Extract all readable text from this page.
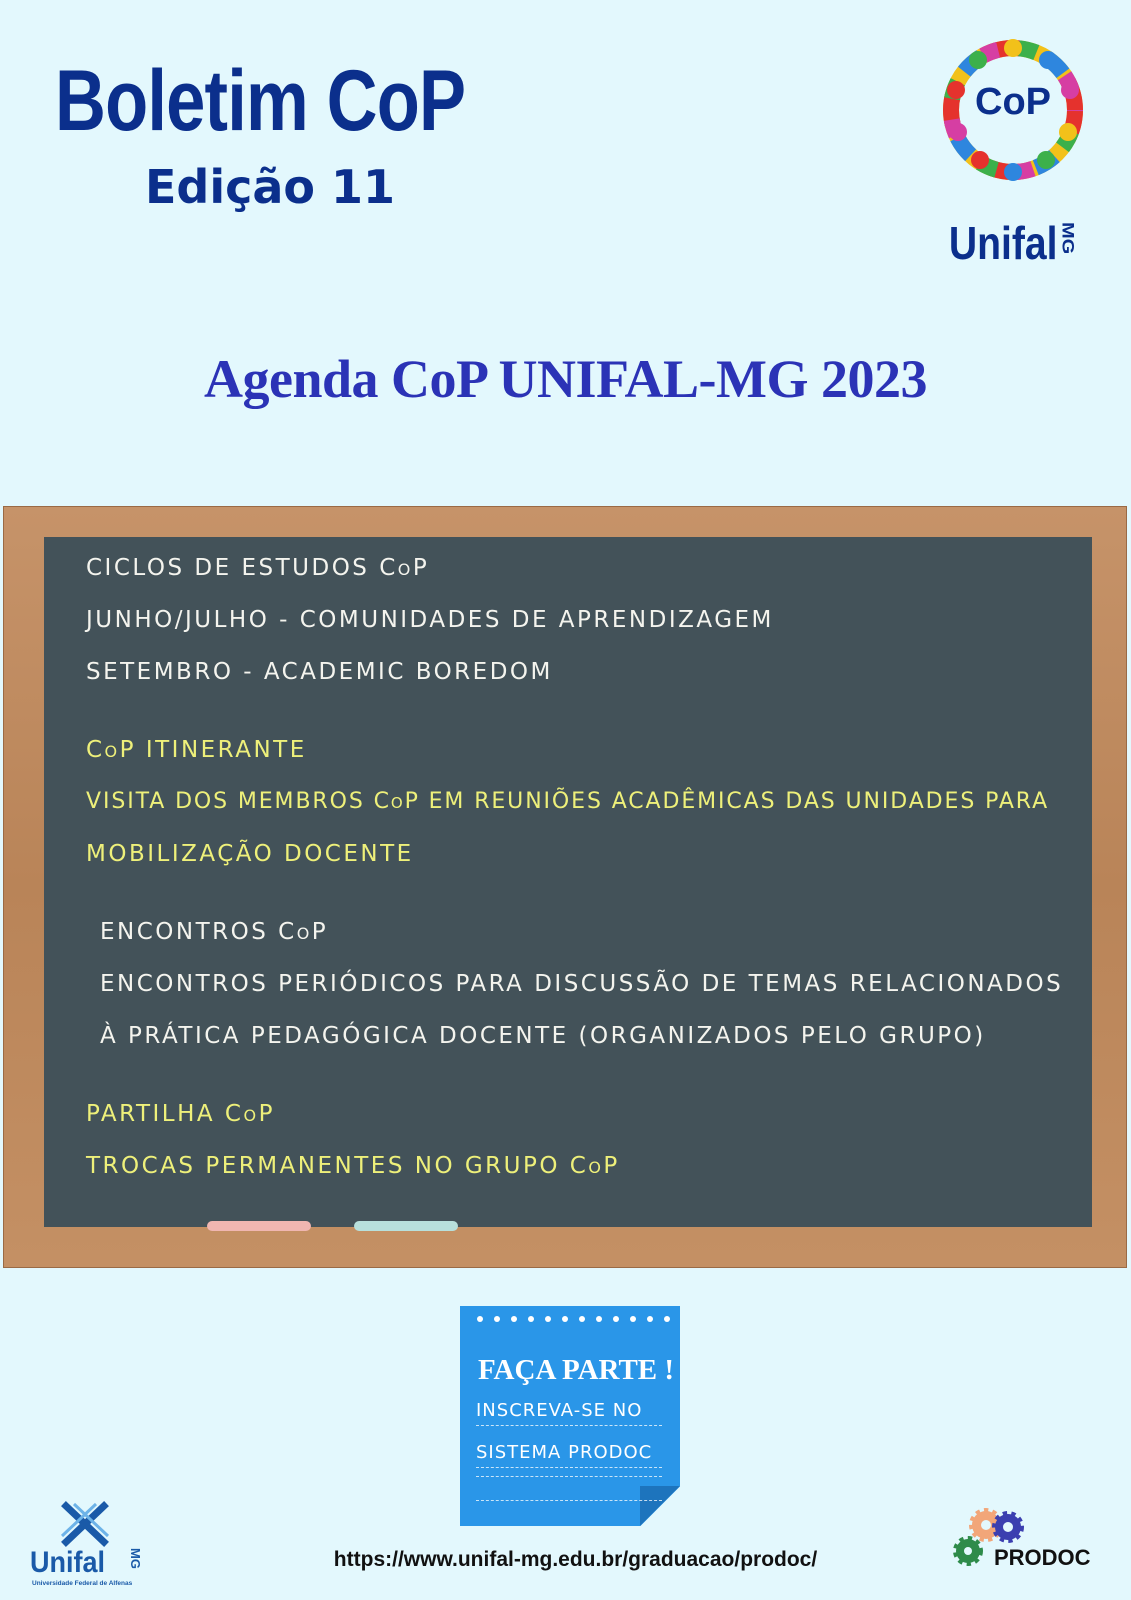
Boletim CoP
Edição 11
CoP
UnifalMG
Agenda CoP UNIFAL-MG 2023

CICLOS DE ESTUDOS CoP

JUNHO/JULHO - COMUNIDADES DE APRENDIZAGEM

SETEMBRO - ACADEMIC BOREDOM

CoP ITINERANTE

VISITA DOS MEMBROS CoP EM REUNIÕES ACADÊMICAS DAS UNIDADES PARA

MOBILIZAÇÃO DOCENTE

ENCONTROS CoP

ENCONTROS PERIÓDICOS PARA DISCUSSÃO DE TEMAS RELACIONADOS

À PRÁTICA PEDAGÓGICA DOCENTE (ORGANIZADOS PELO GRUPO)

PARTILHA CoP

TROCAS PERMANENTES NO GRUPO CoP

FAÇA PARTE !
INSCREVA-SE NO
SISTEMA PRODOC
Unifal MG
Universidade Federal de Alfenas
https://www.unifal-mg.edu.br/graduacao/prodoc/	PRODOC
